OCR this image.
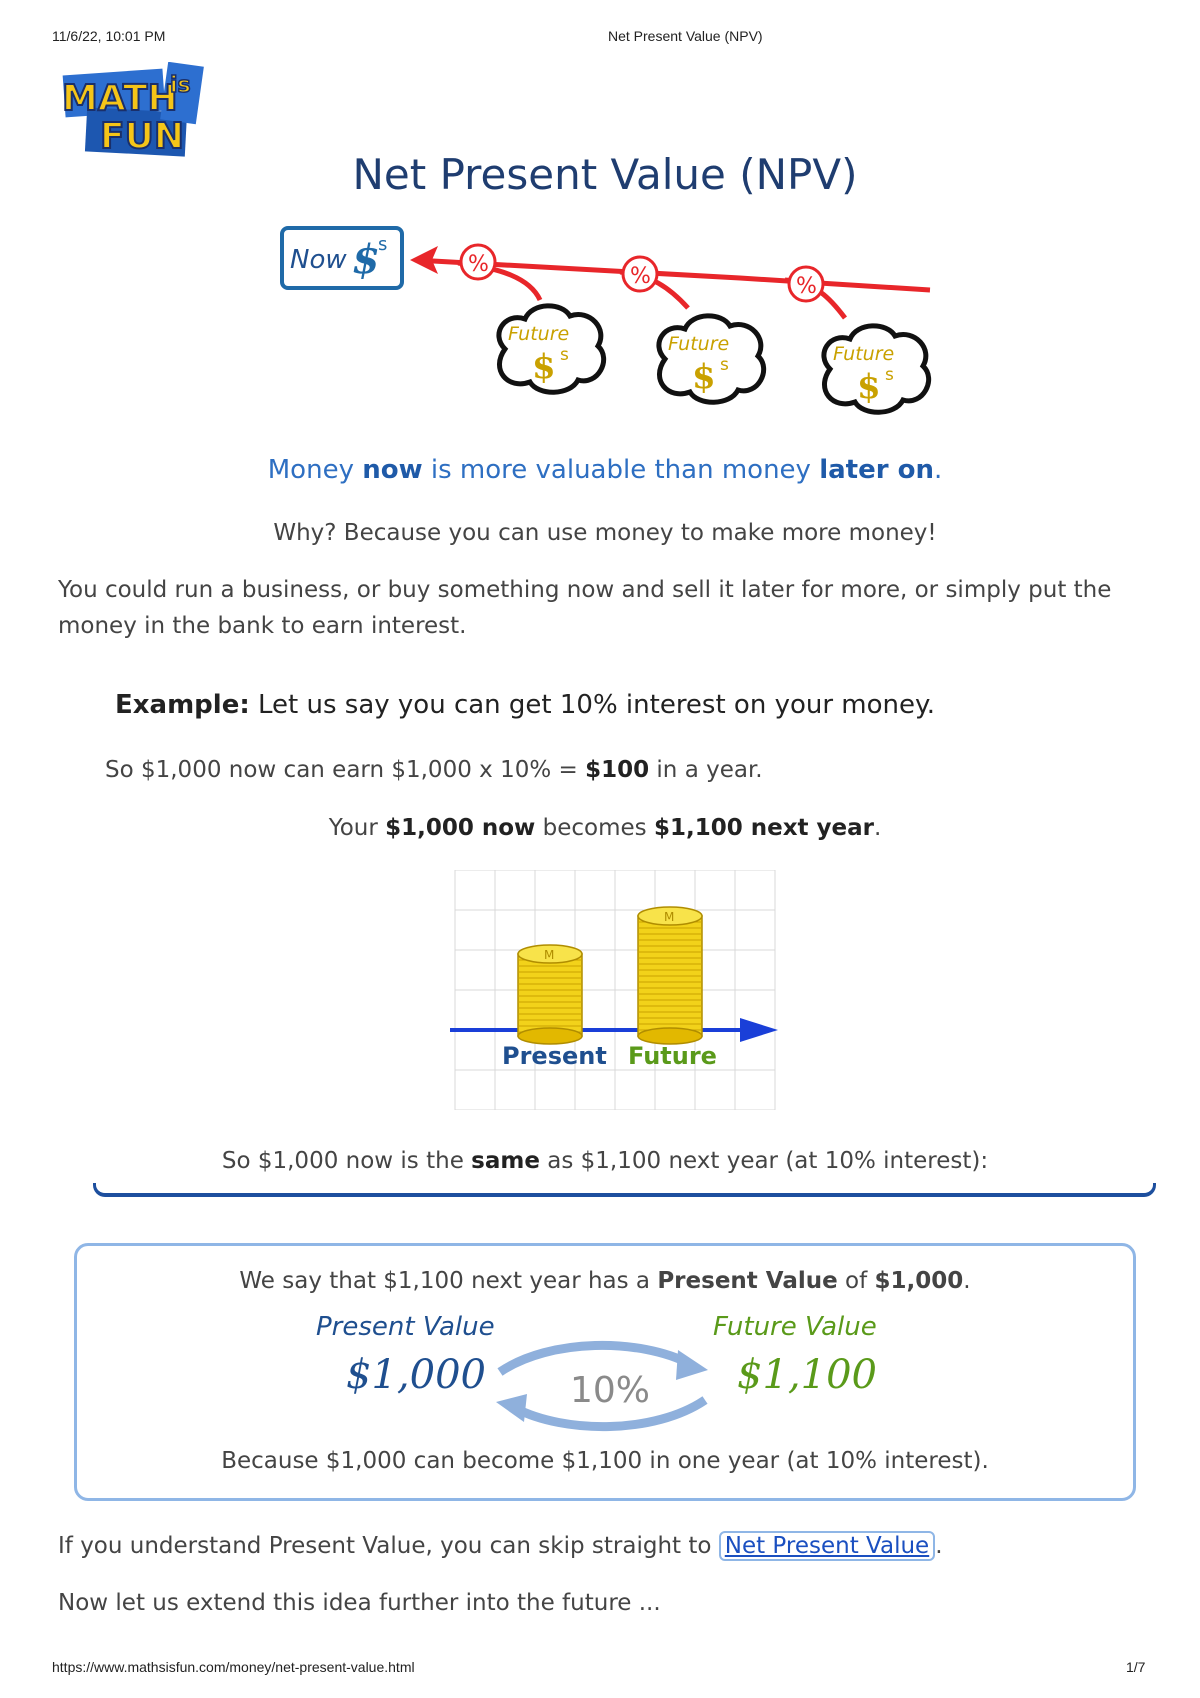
11/6/22, 10:01 PM	Net Present Value (NPV)
MATH
is
FUN
Net Present Value (NPV)
Now $
s
%	%	%
Future
$ s	Future
$ s	Future
$ s

Money now is more valuable than money later on.

Why? Because you can use money to make more money!

You could run a business, or buy something now and sell it later for more, or simply put the money in the bank to earn interest.

Example: Let us say you can get 10% interest on your money.

So $1,000 now can earn $1,000 x 10% = $100 in a year.

Your $1,000 now becomes $1,100 next year.

M
Present
M
Future

So $1,000 now is the same as $1,100 next year (at 10% interest):

We say that $1,100 next year has a Present Value of $1,000.

Present Value
$1,000 10%
Future Value
$1,100

Because $1,000 can become $1,100 in one year (at 10% interest).

If you understand Present Value, you can skip straight to Net Present Value .

Now let us extend this idea further into the future ...

https://www.mathsisfun.com/money/net-present-value.html	1/7
